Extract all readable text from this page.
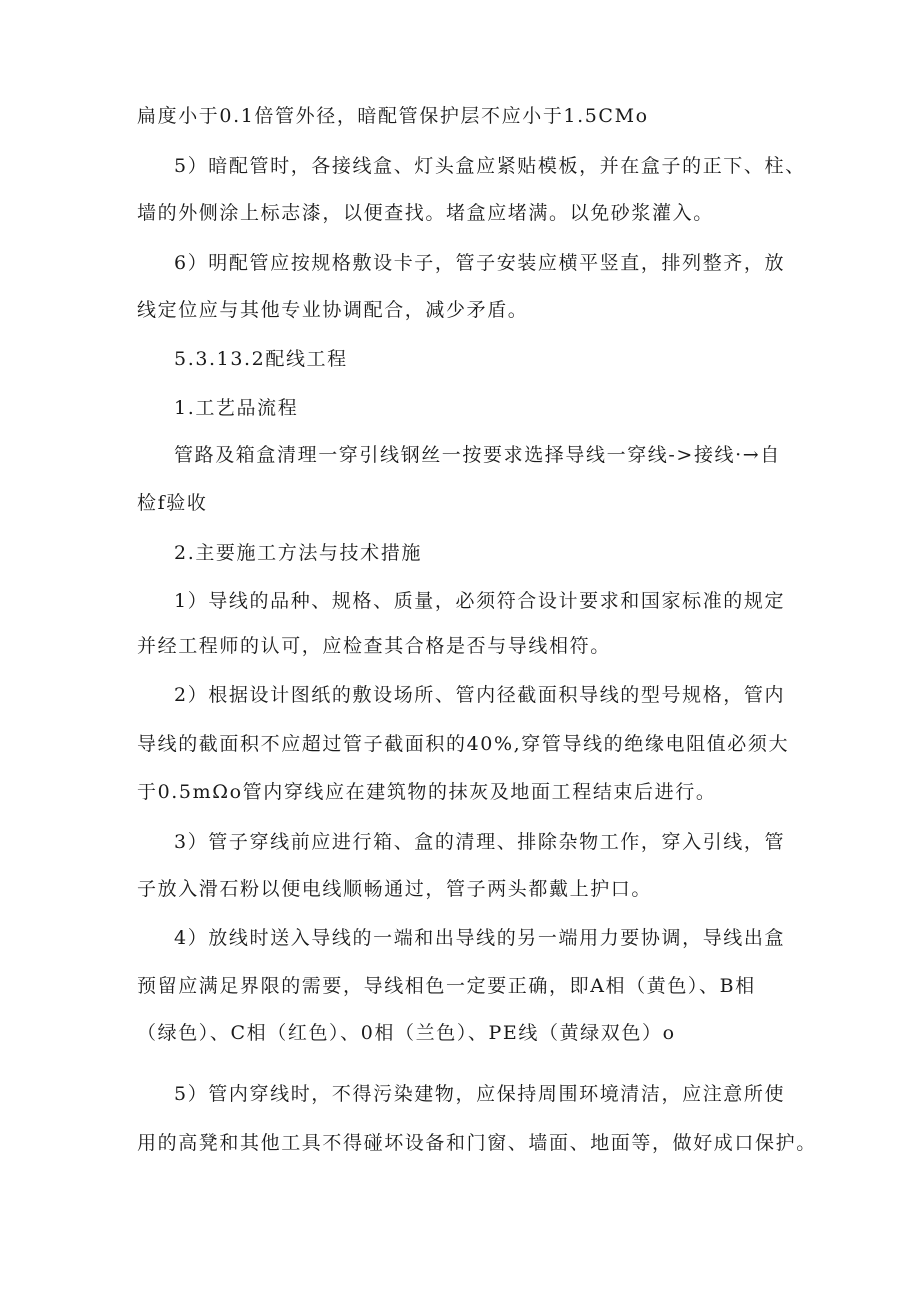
扁度小于0.1倍管外径，暗配管保护层不应小于1.5CMo
5）暗配管时，各接线盒、灯头盒应紧贴模板，并在盒子的正下、柱、
墙的外侧涂上标志漆，以便查找。堵盒应堵满。以免砂浆灌入。
6）明配管应按规格敷设卡子，管子安装应横平竖直，排列整齐，放
线定位应与其他专业协调配合，减少矛盾。
5.3.13.2配线工程
1.工艺品流程
管路及箱盒清理一穿引线钢丝一按要求选择导线一穿线->接线·→自
检f验收
2.主要施工方法与技术措施
1）导线的品种、规格、质量，必须符合设计要求和国家标准的规定
并经工程师的认可，应检查其合格是否与导线相符。
2）根据设计图纸的敷设场所、管内径截面积导线的型号规格，管内
导线的截面积不应超过管子截面积的40%,穿管导线的绝缘电阻值必须大
于0.5mΩo管内穿线应在建筑物的抹灰及地面工程结束后进行。
3）管子穿线前应进行箱、盒的清理、排除杂物工作，穿入引线，管
子放入滑石粉以便电线顺畅通过，管子两头都戴上护口。
4）放线时送入导线的一端和出导线的另一端用力要协调，导线出盒
预留应满足界限的需要，导线相色一定要正确，即A相（黄色）、B相
（绿色）、C相（红色）、0相（兰色）、PE线（黄绿双色）o
5）管内穿线时，不得污染建物，应保持周围环境清洁，应注意所使
用的高凳和其他工具不得碰坏设备和门窗、墙面、地面等，做好成口保护。
